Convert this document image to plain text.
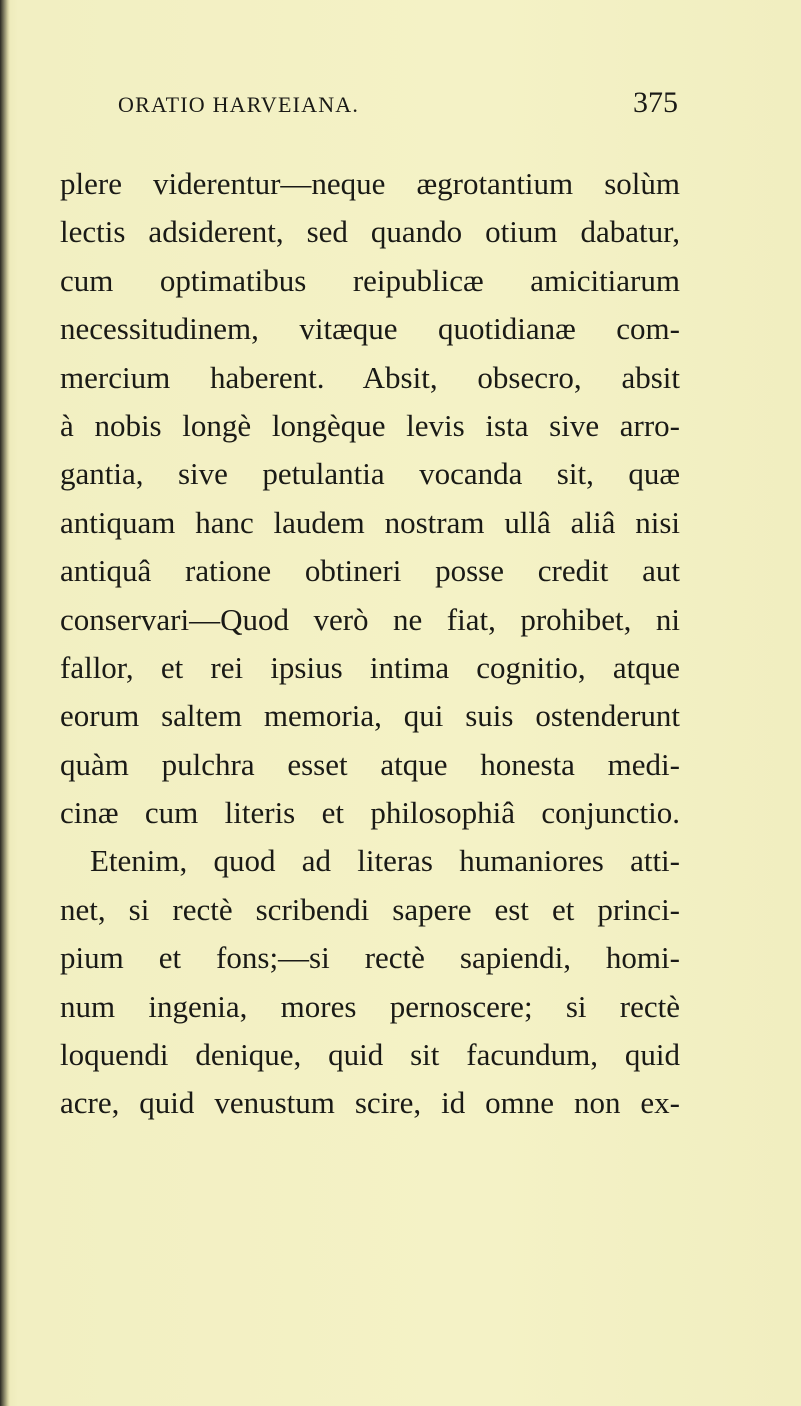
ORATIO HARVEIANA.	375
plere viderentur—neque ægrotantium solùm
lectis adsiderent, sed quando otium dabatur,
cum optimatibus reipublicæ amicitiarum
necessitudinem, vitæque quotidianæ com-
mercium haberent. Absit, obsecro, absit
à nobis longè longèque levis ista sive arro-
gantia, sive petulantia vocanda sit, quæ
antiquam hanc laudem nostram ullâ aliâ nisi
antiquâ ratione obtineri posse credit aut
conservari—Quod verò ne fiat, prohibet, ni
fallor, et rei ipsius intima cognitio, atque
eorum saltem memoria, qui suis ostenderunt
quàm pulchra esset atque honesta medi-
cinæ cum literis et philosophiâ conjunctio.
Etenim, quod ad literas humaniores atti-
net, si rectè scribendi sapere est et princi-
pium et fons;—si rectè sapiendi, homi-
num ingenia, mores pernoscere; si rectè
loquendi denique, quid sit facundum, quid
acre, quid venustum scire, id omne non ex-
